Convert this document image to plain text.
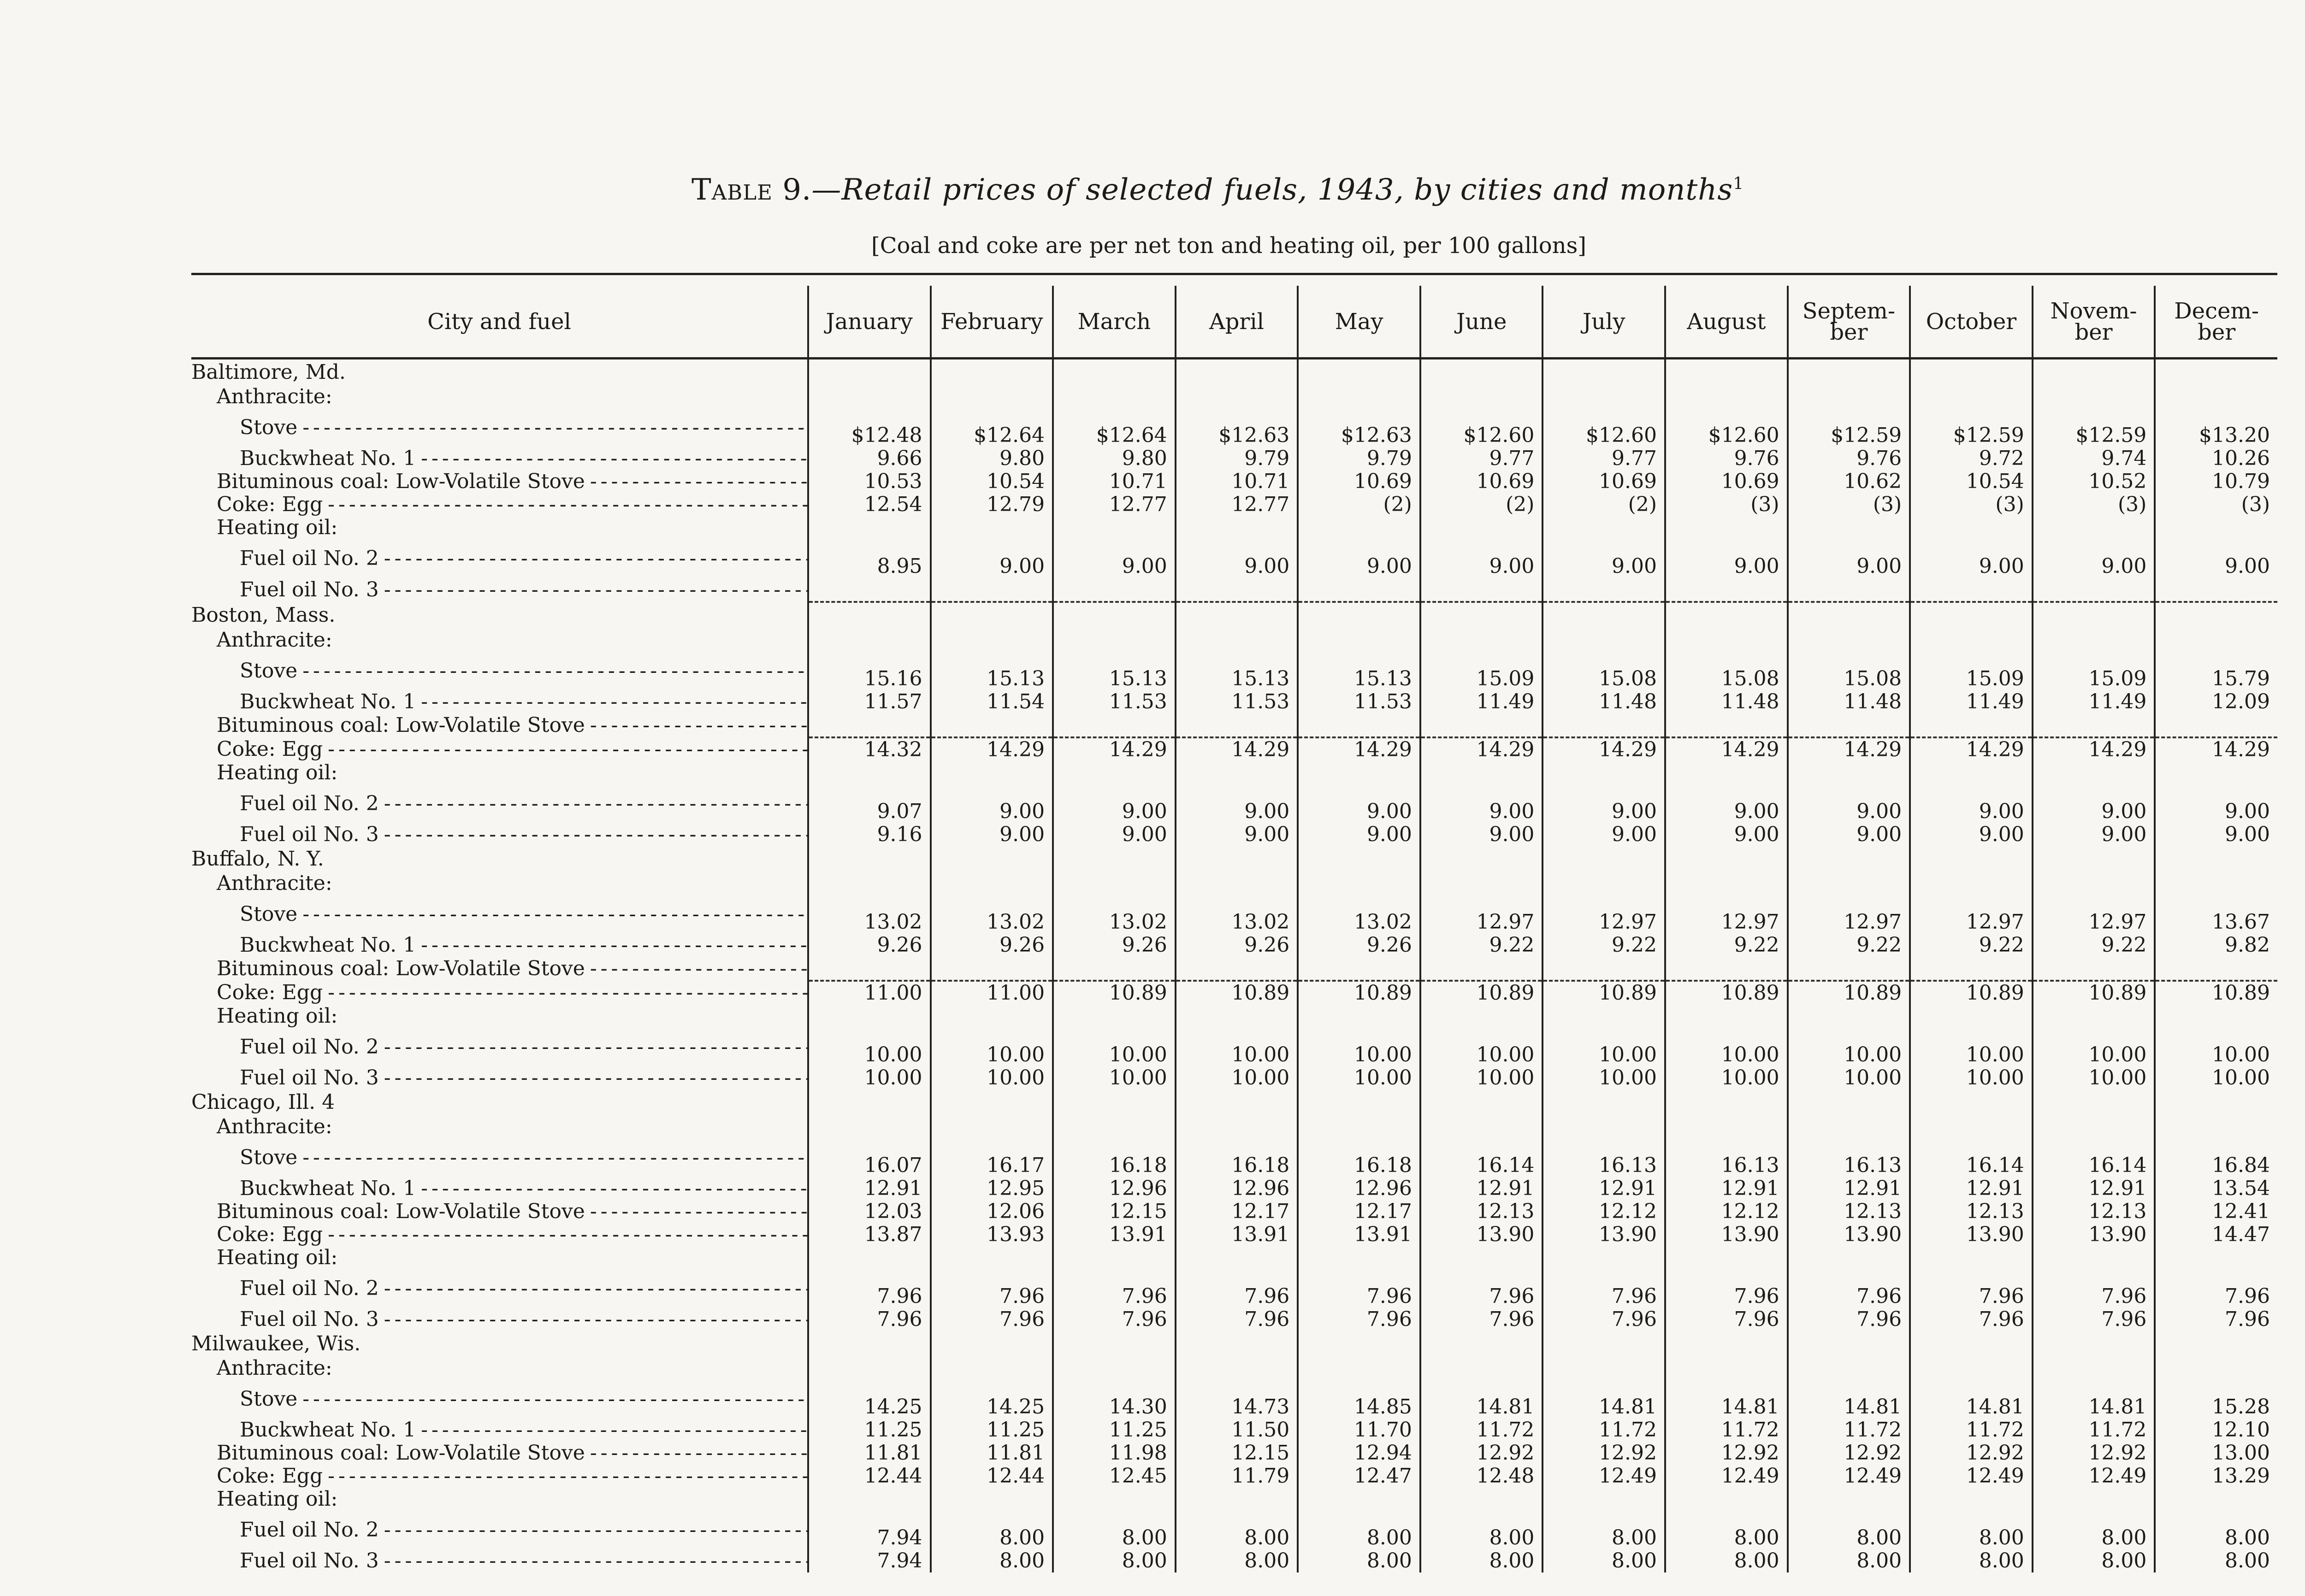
Table 9.—Retail prices of selected fuels, 1943, by cities and months$^1$
[Coal and coke are per net ton and heating oil, per 100 gallons]
City and fuel	January	February	March	April	May	June	July	August	Septem-ber	October	Novem-ber	Decem-ber
Baltimore, Md.												
Anthracite:												
Stove - - -	$12.48	$12.64	$12.64	$12.63	$12.63	$12.60	$12.60	$12.60	$12.59	$12.59	$12.59	$13.20
Buckwheat No. 1 - - -	9.66	9.80	9.80	9.79	9.79	9.77	9.77	9.76	9.76	9.72	9.74	10.26
Bituminous coal: Low-Volatile Stove - - -	10.53	10.54	10.71	10.71	10.69	10.69	10.69	10.69	10.62	10.54	10.52	10.79
Coke: Egg - - -	12.54	12.79	12.77	12.77	(2)	(2)	(2)	(3)	(3)	(3)	(3)	(3)
Heating oil:												
Fuel oil No. 2 - - -	8.95	9.00	9.00	9.00	9.00	9.00	9.00	9.00	9.00	9.00	9.00	9.00
Fuel oil No. 3 - - -												
Boston, Mass.												
Anthracite:												
Stove - - -	15.16	15.13	15.13	15.13	15.13	15.09	15.08	15.08	15.08	15.09	15.09	15.79
Buckwheat No. 1 - - -	11.57	11.54	11.53	11.53	11.53	11.49	11.48	11.48	11.48	11.49	11.49	12.09
Bituminous coal: Low-Volatile Stove - - -												
Coke: Egg - - -	14.32	14.29	14.29	14.29	14.29	14.29	14.29	14.29	14.29	14.29	14.29	14.29
Heating oil:												
Fuel oil No. 2 - - -	9.07	9.00	9.00	9.00	9.00	9.00	9.00	9.00	9.00	9.00	9.00	9.00
Fuel oil No. 3 - - -	9.16	9.00	9.00	9.00	9.00	9.00	9.00	9.00	9.00	9.00	9.00	9.00
Buffalo, N. Y.												
Anthracite:												
Stove - - -	13.02	13.02	13.02	13.02	13.02	12.97	12.97	12.97	12.97	12.97	12.97	13.67
Buckwheat No. 1 - - -	9.26	9.26	9.26	9.26	9.26	9.22	9.22	9.22	9.22	9.22	9.22	9.82
Bituminous coal: Low-Volatile Stove - - -												
Coke: Egg - - -	11.00	11.00	10.89	10.89	10.89	10.89	10.89	10.89	10.89	10.89	10.89	10.89
Heating oil:												
Fuel oil No. 2 - - -	10.00	10.00	10.00	10.00	10.00	10.00	10.00	10.00	10.00	10.00	10.00	10.00
Fuel oil No. 3 - - -	10.00	10.00	10.00	10.00	10.00	10.00	10.00	10.00	10.00	10.00	10.00	10.00
Chicago, Ill. 4												
Anthracite:												
Stove - - -	16.07	16.17	16.18	16.18	16.18	16.14	16.13	16.13	16.13	16.14	16.14	16.84
Buckwheat No. 1 - - -	12.91	12.95	12.96	12.96	12.96	12.91	12.91	12.91	12.91	12.91	12.91	13.54
Bituminous coal: Low-Volatile Stove - - -	12.03	12.06	12.15	12.17	12.17	12.13	12.12	12.12	12.13	12.13	12.13	12.41
Coke: Egg - - -	13.87	13.93	13.91	13.91	13.91	13.90	13.90	13.90	13.90	13.90	13.90	14.47
Heating oil:												
Fuel oil No. 2 - - -	7.96	7.96	7.96	7.96	7.96	7.96	7.96	7.96	7.96	7.96	7.96	7.96
Fuel oil No. 3 - - -	7.96	7.96	7.96	7.96	7.96	7.96	7.96	7.96	7.96	7.96	7.96	7.96
Milwaukee, Wis.												
Anthracite:												
Stove - - -	14.25	14.25	14.30	14.73	14.85	14.81	14.81	14.81	14.81	14.81	14.81	15.28
Buckwheat No. 1 - - -	11.25	11.25	11.25	11.50	11.70	11.72	11.72	11.72	11.72	11.72	11.72	12.10
Bituminous coal: Low-Volatile Stove - - -	11.81	11.81	11.98	12.15	12.94	12.92	12.92	12.92	12.92	12.92	12.92	13.00
Coke: Egg - - -	12.44	12.44	12.45	11.79	12.47	12.48	12.49	12.49	12.49	12.49	12.49	13.29
Heating oil:												
Fuel oil No. 2 - - -	7.94	8.00	8.00	8.00	8.00	8.00	8.00	8.00	8.00	8.00	8.00	8.00
Fuel oil No. 3 - - -	7.94	8.00	8.00	8.00	8.00	8.00	8.00	8.00	8.00	8.00	8.00	8.00
